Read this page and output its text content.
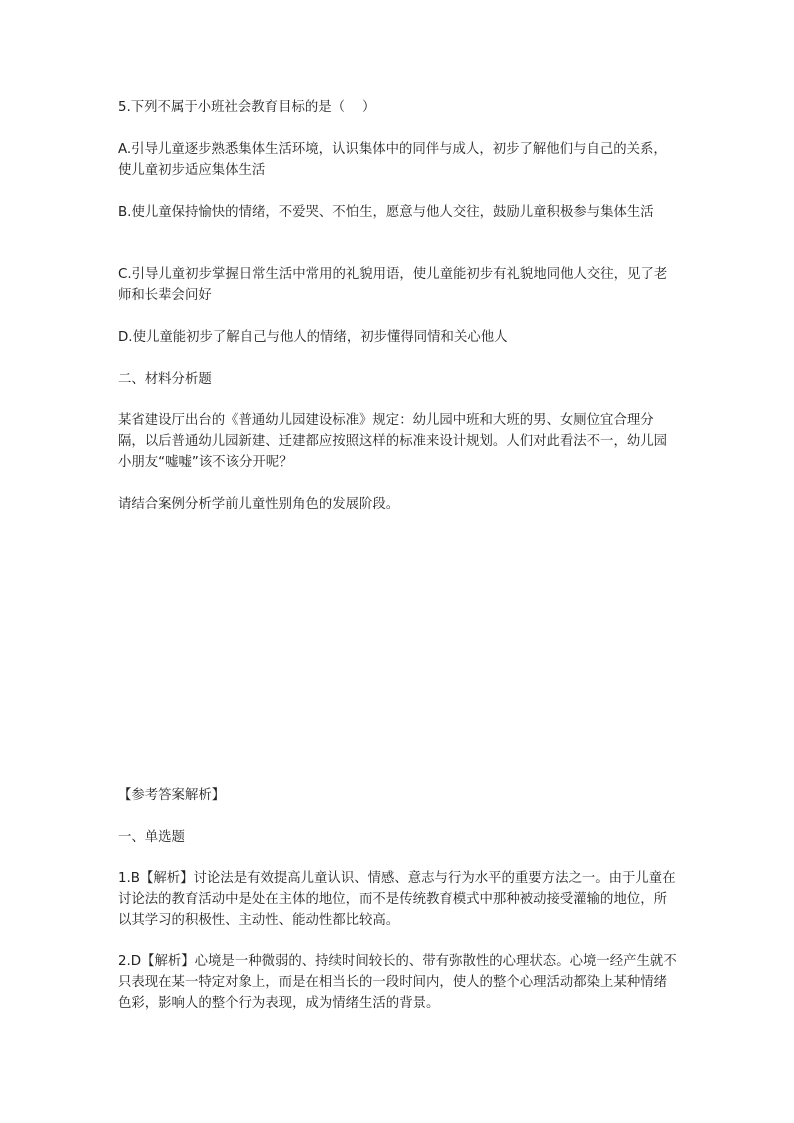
5.下列不属于小班社会教育目标的是（    ）

A.引导儿童逐步熟悉集体生活环境，认识集体中的同伴与成人，初步了解他们与自己的关系，使儿童初步适应集体生活

B.使儿童保持愉快的情绪，不爱哭、不怕生，愿意与他人交往，鼓励儿童积极参与集体生活

C.引导儿童初步掌握日常生活中常用的礼貌用语，使儿童能初步有礼貌地同他人交往，见了老师和长辈会问好

D.使儿童能初步了解自己与他人的情绪，初步懂得同情和关心他人

二、材料分析题

某省建设厅出台的《普通幼儿园建设标准》规定：幼儿园中班和大班的男、女厕位宜合理分隔，以后普通幼儿园新建、迁建都应按照这样的标准来设计规划。人们对此看法不一，幼儿园小朋友“嘘嘘”该不该分开呢？

请结合案例分析学前儿童性别角色的发展阶段。

【参考答案解析】

一、单选题

1.B【解析】讨论法是有效提高儿童认识、情感、意志与行为水平的重要方法之一。由于儿童在讨论法的教育活动中是处在主体的地位，而不是传统教育模式中那种被动接受灌输的地位，所以其学习的积极性、主动性、能动性都比较高。

2.D【解析】心境是一种微弱的、持续时间较长的、带有弥散性的心理状态。心境一经产生就不只表现在某一特定对象上，而是在相当长的一段时间内，使人的整个心理活动都染上某种情绪色彩，影响人的整个行为表现，成为情绪生活的背景。
